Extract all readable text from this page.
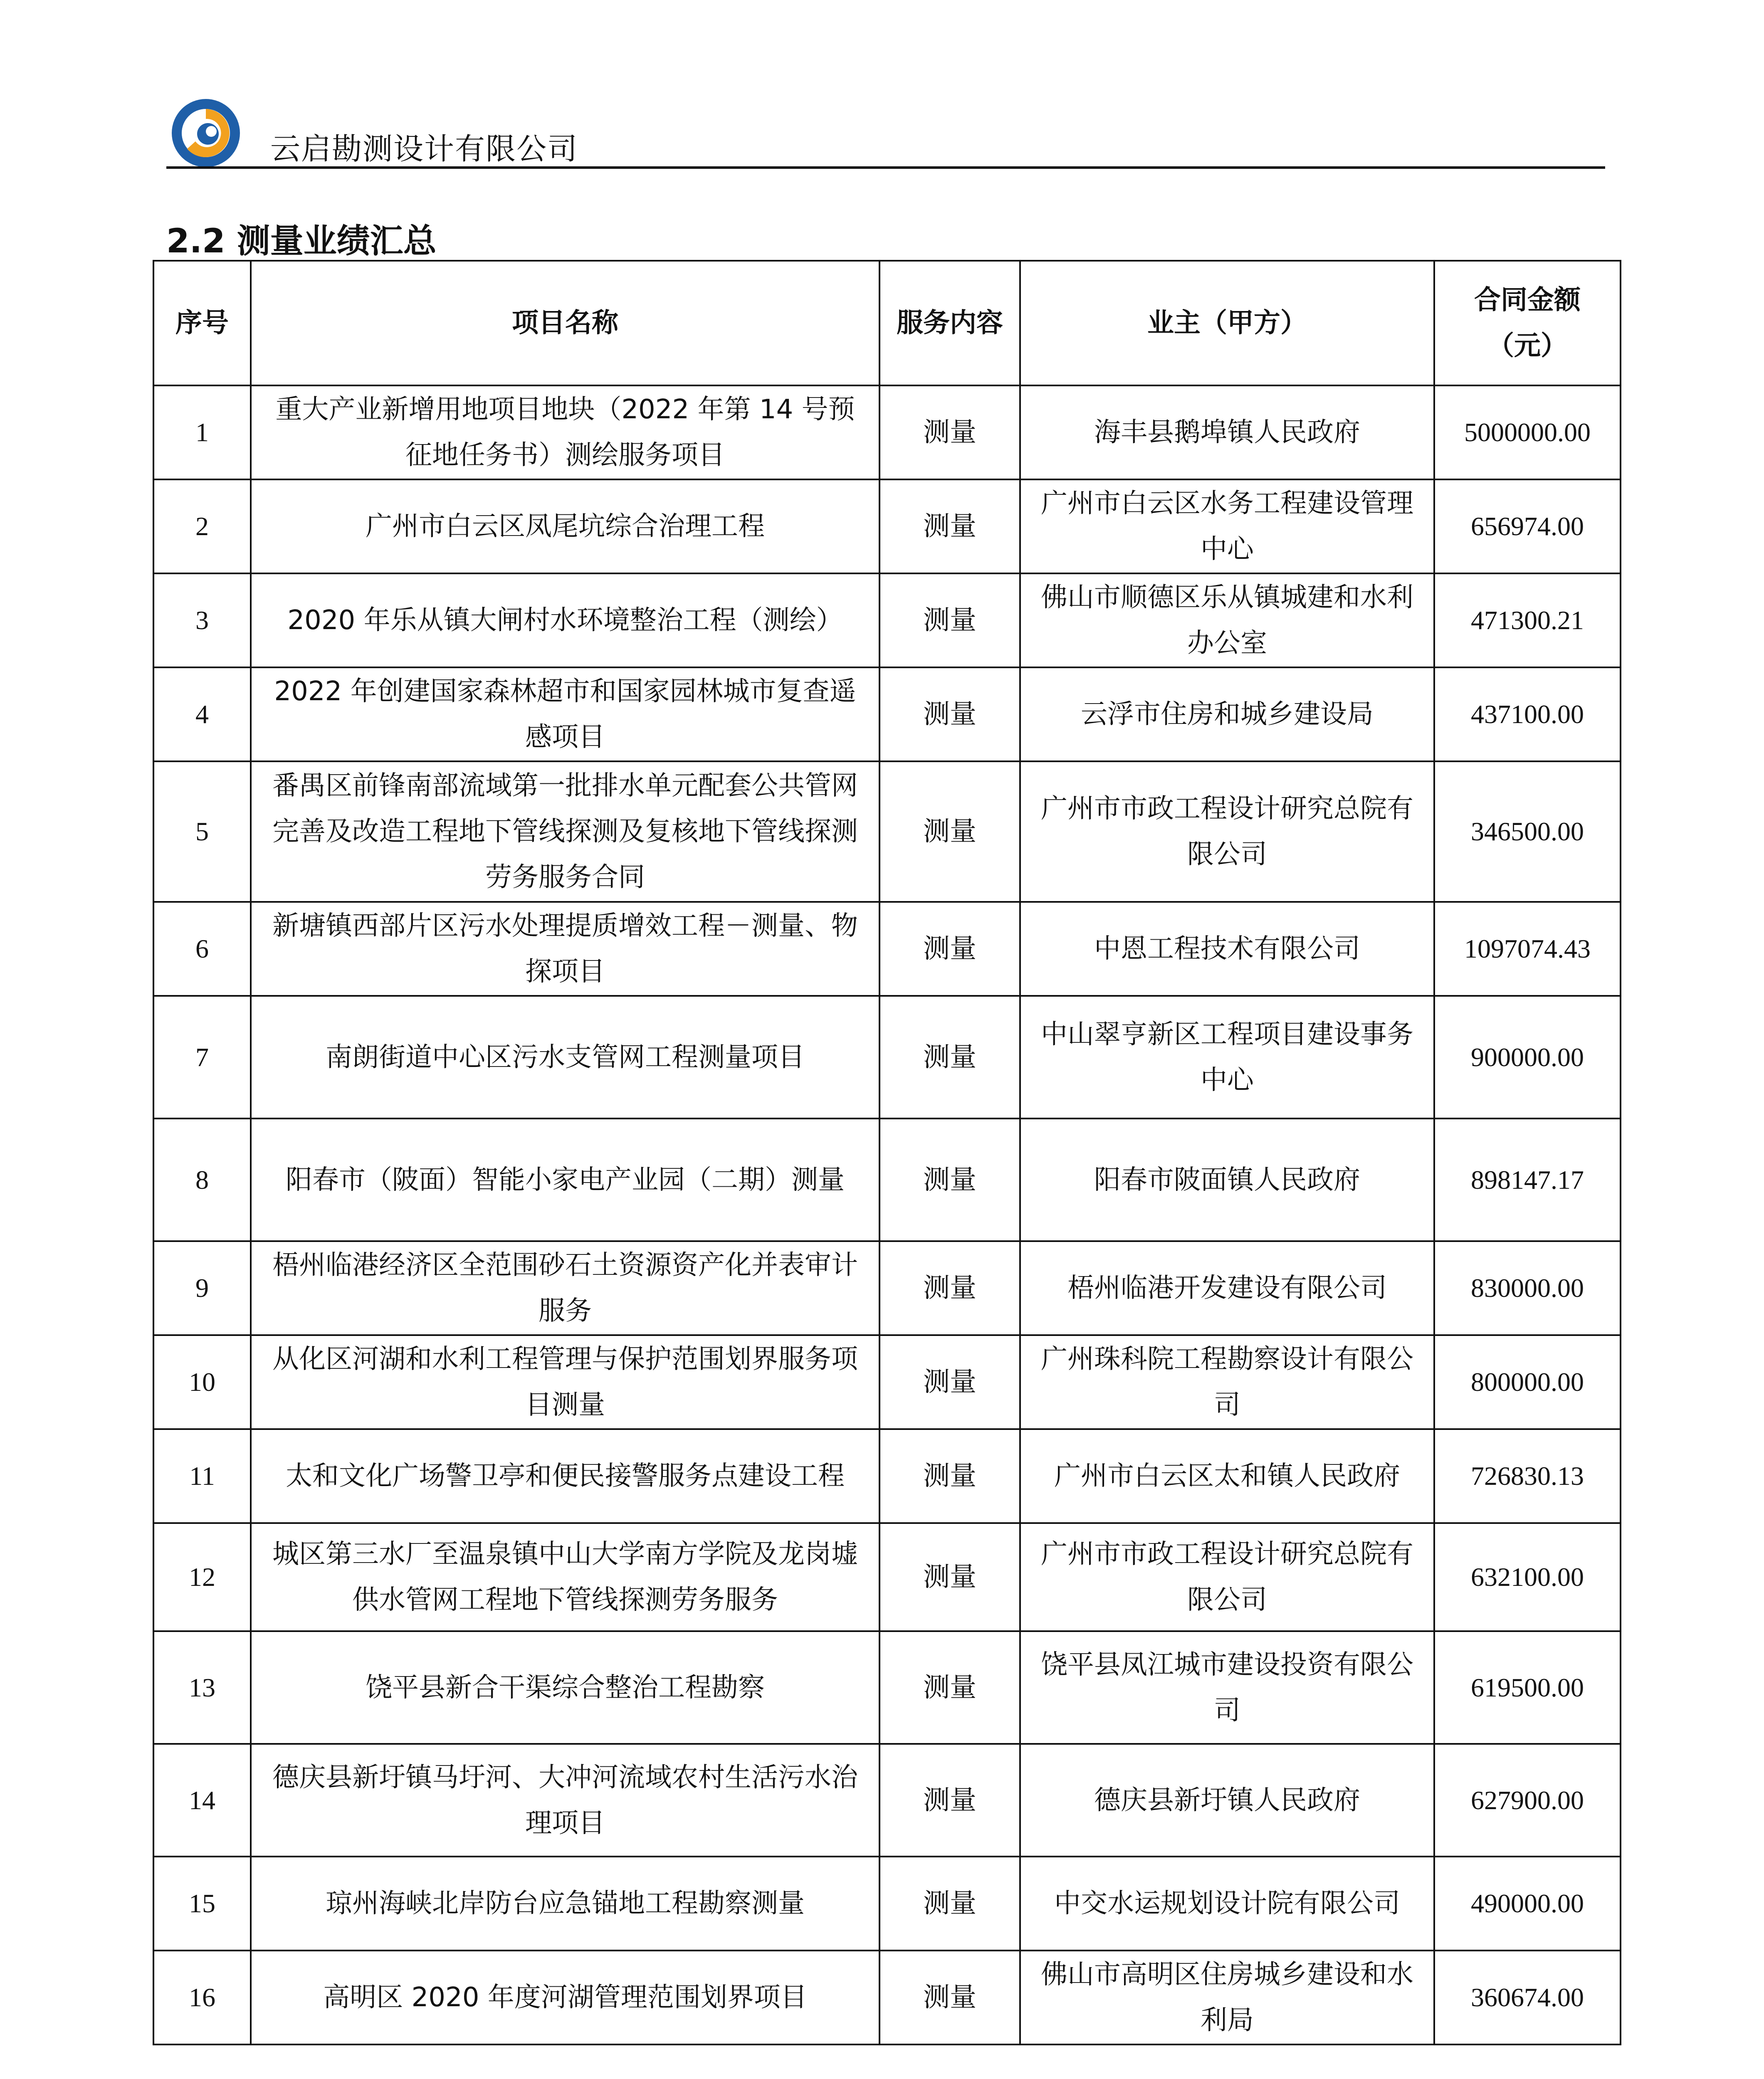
云启勘测设计有限公司
2.2 测量业绩汇总
序号	项目名称	服务内容	业主（甲方）	合同金额（元）
1	重大产业新增用地项目地块（2022 年第 14 号预征地任务书）测绘服务项目	测量	海丰县鹅埠镇人民政府	5000000.00
2	广州市白云区凤尾坑综合治理工程	测量	广州市白云区水务工程建设管理中心	656974.00
3	2020 年乐从镇大闸村水环境整治工程（测绘）	测量	佛山市顺德区乐从镇城建和水利办公室	471300.21
4	2022 年创建国家森林超市和国家园林城市复查遥感项目	测量	云浮市住房和城乡建设局	437100.00
5	番禺区前锋南部流域第一批排水单元配套公共管网完善及改造工程地下管线探测及复核地下管线探测劳务服务合同	测量	广州市市政工程设计研究总院有限公司	346500.00
6	新塘镇西部片区污水处理提质增效工程－测量、物探项目	测量	中恩工程技术有限公司	1097074.43
7	南朗街道中心区污水支管网工程测量项目	测量	中山翠亨新区工程项目建设事务中心	900000.00
8	阳春市（陂面）智能小家电产业园（二期）测量	测量	阳春市陂面镇人民政府	898147.17
9	梧州临港经济区全范围砂石土资源资产化并表审计服务	测量	梧州临港开发建设有限公司	830000.00
10	从化区河湖和水利工程管理与保护范围划界服务项目测量	测量	广州珠科院工程勘察设计有限公司	800000.00
11	太和文化广场警卫亭和便民接警服务点建设工程	测量	广州市白云区太和镇人民政府	726830.13
12	城区第三水厂至温泉镇中山大学南方学院及龙岗墟供水管网工程地下管线探测劳务服务	测量	广州市市政工程设计研究总院有限公司	632100.00
13	饶平县新合干渠综合整治工程勘察	测量	饶平县凤江城市建设投资有限公司	619500.00
14	德庆县新圩镇马圩河、大冲河流域农村生活污水治理项目	测量	德庆县新圩镇人民政府	627900.00
15	琼州海峡北岸防台应急锚地工程勘察测量	测量	中交水运规划设计院有限公司	490000.00
16	高明区 2020 年度河湖管理范围划界项目	测量	佛山市高明区住房城乡建设和水利局	360674.00
